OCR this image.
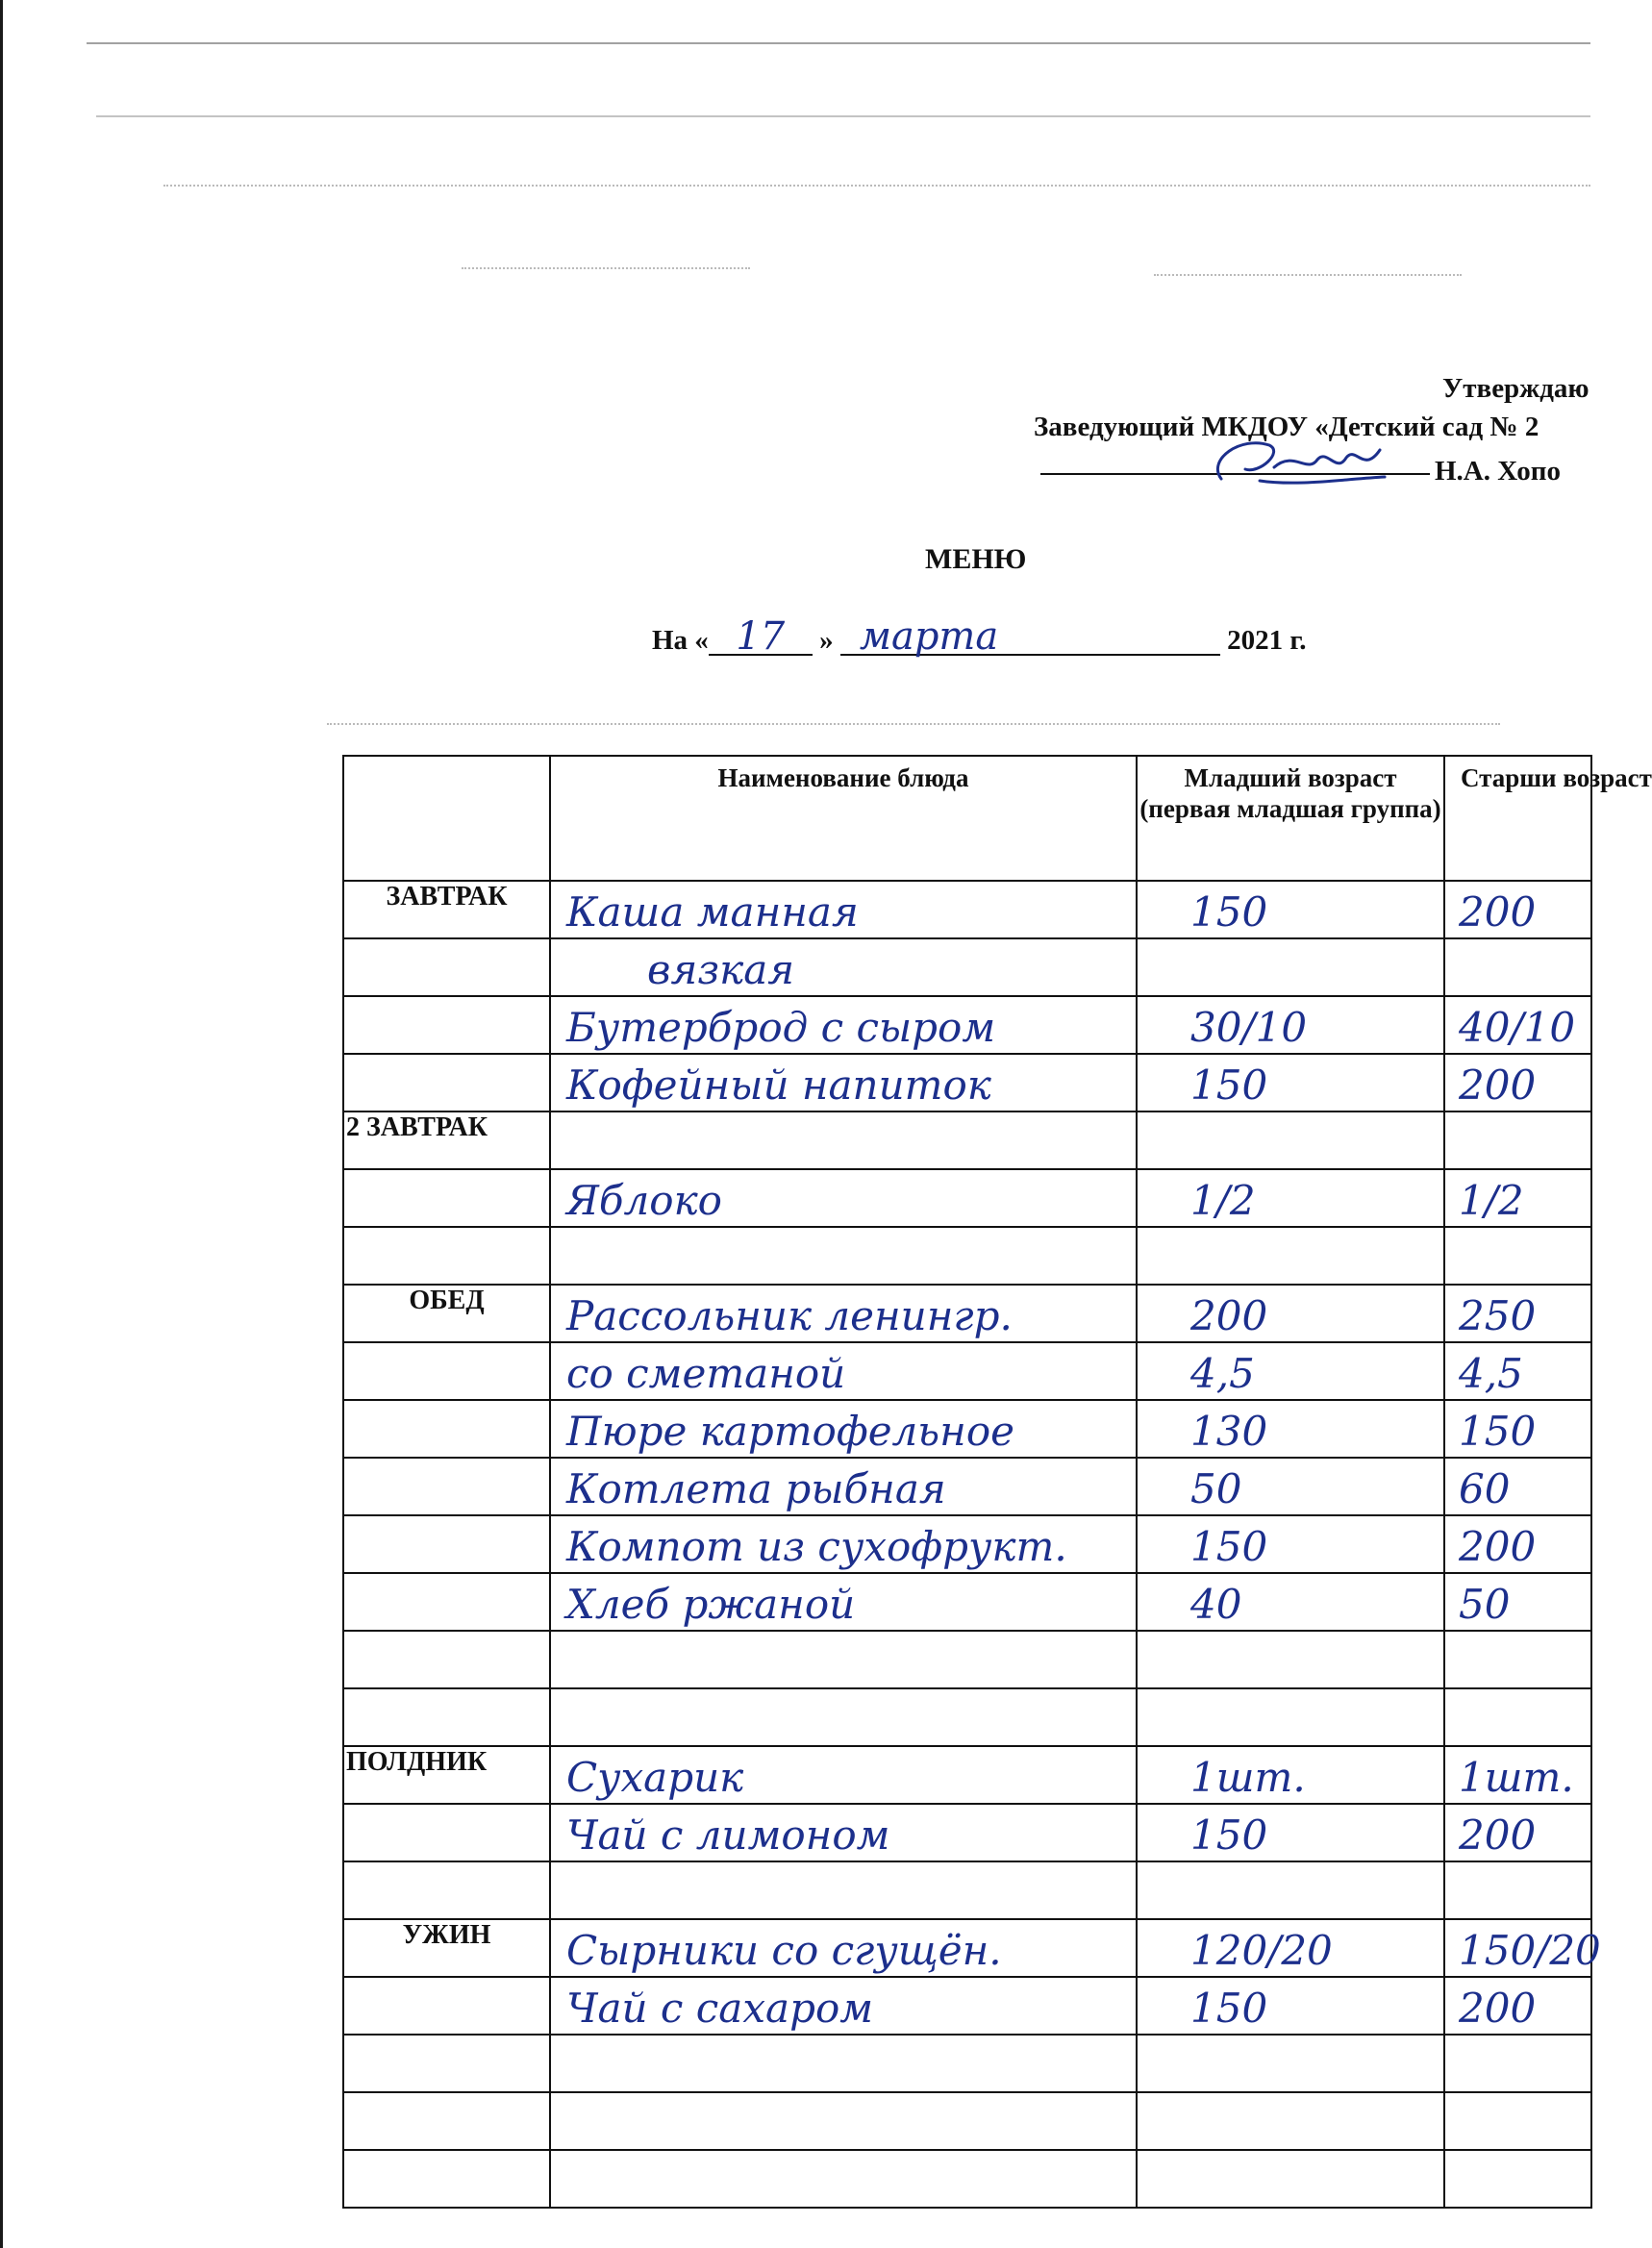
Утверждаю
Заведующий МКДОУ «Детский сад № 2
Н.А. Хопо
МЕНЮ
На « 17 » марта	2021 г.
	Наименование блюда	Младший возраст (первая младшая группа)	Старши возраст
ЗАВТРАК	Каша манная	150	200
	вязкая		
	Бутерброд с сыром	30/10	40/10
	Кофейный напиток	150	200
2 ЗАВТРАК			
	Яблоко	1/2	1/2

ОБЕД	Рассольник ленингр.	200	250
	со сметаной	4,5	4,5
	Пюре картофельное	130	150
	Котлета рыбная	50	60
	Компот из сухофрукт.	150	200
	Хлеб ржаной	40	50

ПОЛДНИК	Сухарик	1шт.	1шт.
	Чай с лимоном	150	200

УЖИН	Сырники со сгущён.	120/20	150/20
	Чай с сахаром	150	200
